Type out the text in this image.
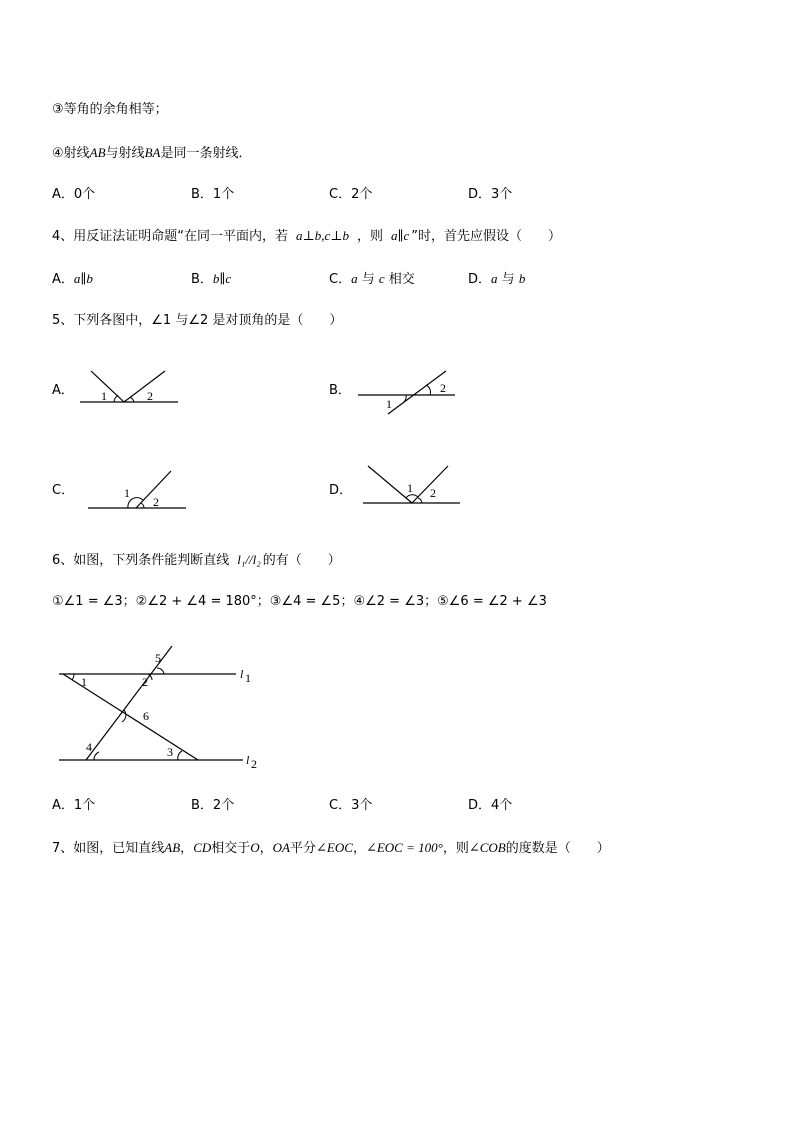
③等角的余角相等；
④射线AB与射线BA是同一条射线．
A．0个	B．1个	C．2个	D．3个
4、用反证法证明命题“在同一平面内，若 a⊥b,c⊥b ，则 a∥c ”时，首先应假设（　　）
A．a∥b	B．b∥c	C．a 与 c 相交	D．a 与 b
5、下列各图中，∠1 与∠2 是对顶角的是（　　）
A． 1	2
2
1
1
2
1 2
B．
C．	D．
6、如图，下列条件能判断直线 l₁//l₂ 的有（　　）
①∠1 = ∠3；②∠2 + ∠4 = 180°；③∠4 = ∠5；④∠2 = ∠3；⑤∠6 = ∠2 + ∠3
1	2
3
4
5
6
l 1
l 2
A．1个	B．2个	C．3个	D．4个
7、如图，已知直线AB，CD相交于O，OA平分∠EOC，∠EOC = 100°，则∠COB的度数是（　　）
